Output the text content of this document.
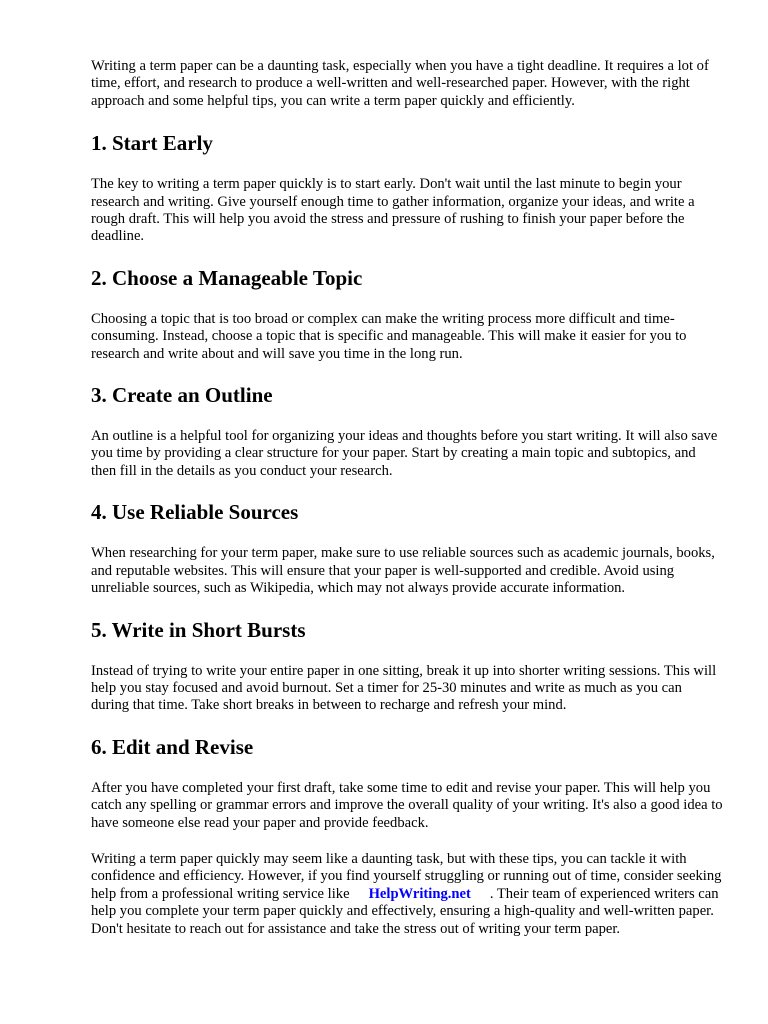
Writing a term paper can be a daunting task, especially when you have a tight deadline. It requires a lot of time, effort, and research to produce a well-written and well-researched paper. However, with the right approach and some helpful tips, you can write a term paper quickly and efficiently.

1. Start Early

The key to writing a term paper quickly is to start early. Don't wait until the last minute to begin your research and writing. Give yourself enough time to gather information, organize your ideas, and write a rough draft. This will help you avoid the stress and pressure of rushing to finish your paper before the deadline.

2. Choose a Manageable Topic

Choosing a topic that is too broad or complex can make the writing process more difficult and time-consuming. Instead, choose a topic that is specific and manageable. This will make it easier for you to research and write about and will save you time in the long run.

3. Create an Outline

An outline is a helpful tool for organizing your ideas and thoughts before you start writing. It will also save you time by providing a clear structure for your paper. Start by creating a main topic and subtopics, and then fill in the details as you conduct your research.

4. Use Reliable Sources

When researching for your term paper, make sure to use reliable sources such as academic journals, books, and reputable websites. This will ensure that your paper is well-supported and credible. Avoid using unreliable sources, such as Wikipedia, which may not always provide accurate information.

5. Write in Short Bursts

Instead of trying to write your entire paper in one sitting, break it up into shorter writing sessions. This will help you stay focused and avoid burnout. Set a timer for 25-30 minutes and write as much as you can during that time. Take short breaks in between to recharge and refresh your mind.

6. Edit and Revise

After you have completed your first draft, take some time to edit and revise your paper. This will help you catch any spelling or grammar errors and improve the overall quality of your writing. It's also a good idea to have someone else read your paper and provide feedback.

Writing a term paper quickly may seem like a daunting task, but with these tips, you can tackle it with confidence and efficiency. However, if you find yourself struggling or running out of time, consider seeking help from a professional writing service like HelpWriting.net . Their team of experienced writers can help you complete your term paper quickly and effectively, ensuring a high-quality and well-written paper. Don't hesitate to reach out for assistance and take the stress out of writing your term paper.
